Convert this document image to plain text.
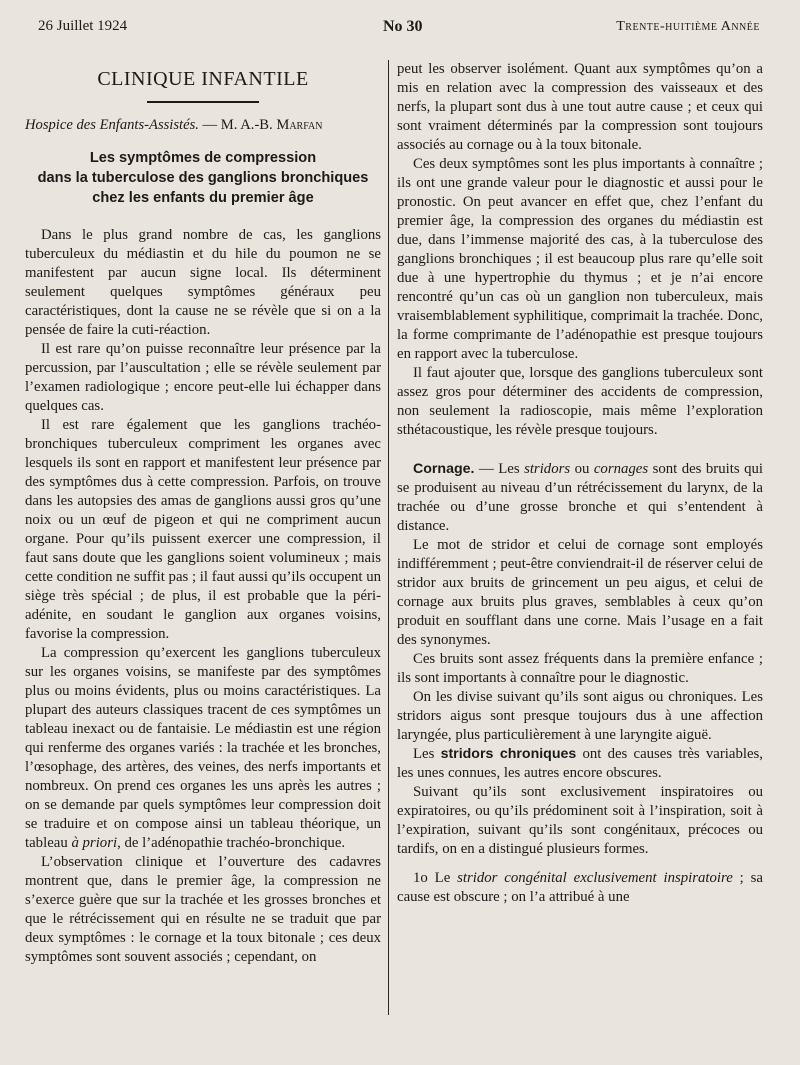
26 Juillet 1924	No 30	Trente-huitième Année
CLINIQUE INFANTILE
Hospice des Enfants-Assistés. — M. A.-B. Marfan
Les symptômes de compression
dans la tuberculose des ganglions bronchiques
chez les enfants du premier âge

Dans le plus grand nombre de cas, les ganglions tuberculeux du médiastin et du hile du poumon ne se manifestent par aucun signe local. Ils déterminent seulement quelques symptômes généraux peu caractéristiques, dont la cause ne se révèle que si on a la pensée de faire la cuti-réaction.

Il est rare qu’on puisse reconnaître leur présence par la percussion, par l’auscultation ; elle se révèle seulement par l’examen radiologique ; encore peut-elle lui échapper dans quelques cas.

Il est rare également que les ganglions trachéo-bronchiques tuberculeux compriment les organes avec lesquels ils sont en rapport et manifestent leur présence par des symptômes dus à cette compression. Parfois, on trouve dans les autopsies des amas de ganglions aussi gros qu’une noix ou un œuf de pigeon et qui ne compriment aucun organe. Pour qu’ils puissent exercer une compression, il faut sans doute que les ganglions soient volumineux ; mais cette condition ne suffit pas ; il faut aussi qu’ils occupent un siège très spécial ; de plus, il est probable que la péri-adénite, en soudant le ganglion aux organes voisins, favorise la compression.

La compression qu’exercent les ganglions tuberculeux sur les organes voisins, se manifeste par des symptômes plus ou moins évidents, plus ou moins caractéristiques. La plupart des auteurs classiques tracent de ces symptômes un tableau inexact ou de fantaisie. Le médiastin est une région qui renferme des organes variés : la trachée et les bronches, l’œsophage, des artères, des veines, des nerfs importants et nombreux. On prend ces organes les uns après les autres ; on se demande par quels symptômes leur compression doit se traduire et on compose ainsi un tableau théorique, un tableau à priori, de l’adénopathie trachéo-bronchique.

L’observation clinique et l’ouverture des cadavres montrent que, dans le premier âge, la compression ne s’exerce guère que sur la trachée et les grosses bronches et que le rétrécissement qui en résulte ne se traduit que par deux symptômes : le cornage et la toux bitonale ; ces deux symptômes sont souvent associés ; cependant, on

peut les observer isolément. Quant aux symptômes qu’on a mis en relation avec la compression des vaisseaux et des nerfs, la plupart sont dus à une tout autre cause ; et ceux qui sont vraiment déterminés par la compression sont toujours associés au cornage ou à la toux bitonale.

Ces deux symptômes sont les plus importants à connaître ; ils ont une grande valeur pour le diagnostic et aussi pour le pronostic. On peut avancer en effet que, chez l’enfant du premier âge, la compression des organes du médiastin est due, dans l’immense majorité des cas, à la tuberculose des ganglions bronchiques ; il est beaucoup plus rare qu’elle soit due à une hypertrophie du thymus ; et je n’ai encore rencontré qu’un cas où un ganglion non tuberculeux, mais vraisemblablement syphilitique, comprimait la trachée. Donc, la forme comprimante de l’adénopathie est presque toujours en rapport avec la tuberculose.

Il faut ajouter que, lorsque des ganglions tuberculeux sont assez gros pour déterminer des accidents de compression, non seulement la radioscopie, mais même l’exploration sthétacoustique, les révèle presque toujours.

Cornage. — Les stridors ou cornages sont des bruits qui se produisent au niveau d’un rétrécissement du larynx, de la trachée ou d’une grosse bronche et qui s’entendent à distance.

Le mot de stridor et celui de cornage sont employés indifféremment ; peut-être conviendrait-il de réserver celui de stridor aux bruits de grincement un peu aigus, et celui de cornage aux bruits plus graves, semblables à ceux qu’on produit en soufflant dans une corne. Mais l’usage en a fait des synonymes.

Ces bruits sont assez fréquents dans la première enfance ; ils sont importants à connaître pour le diagnostic.

On les divise suivant qu’ils sont aigus ou chroniques. Les stridors aigus sont presque toujours dus à une affection laryngée, plus particulièrement à une laryngite aiguë.

Les stridors chroniques ont des causes très variables, les unes connues, les autres encore obscures.

Suivant qu’ils sont exclusivement inspiratoires ou expiratoires, ou qu’ils prédominent soit à l’inspiration, soit à l’expiration, suivant qu’ils sont congénitaux, précoces ou tardifs, on en a distingué plusieurs formes.

1o Le stridor congénital exclusivement inspiratoire ; sa cause est obscure ; on l’a attribué à une
